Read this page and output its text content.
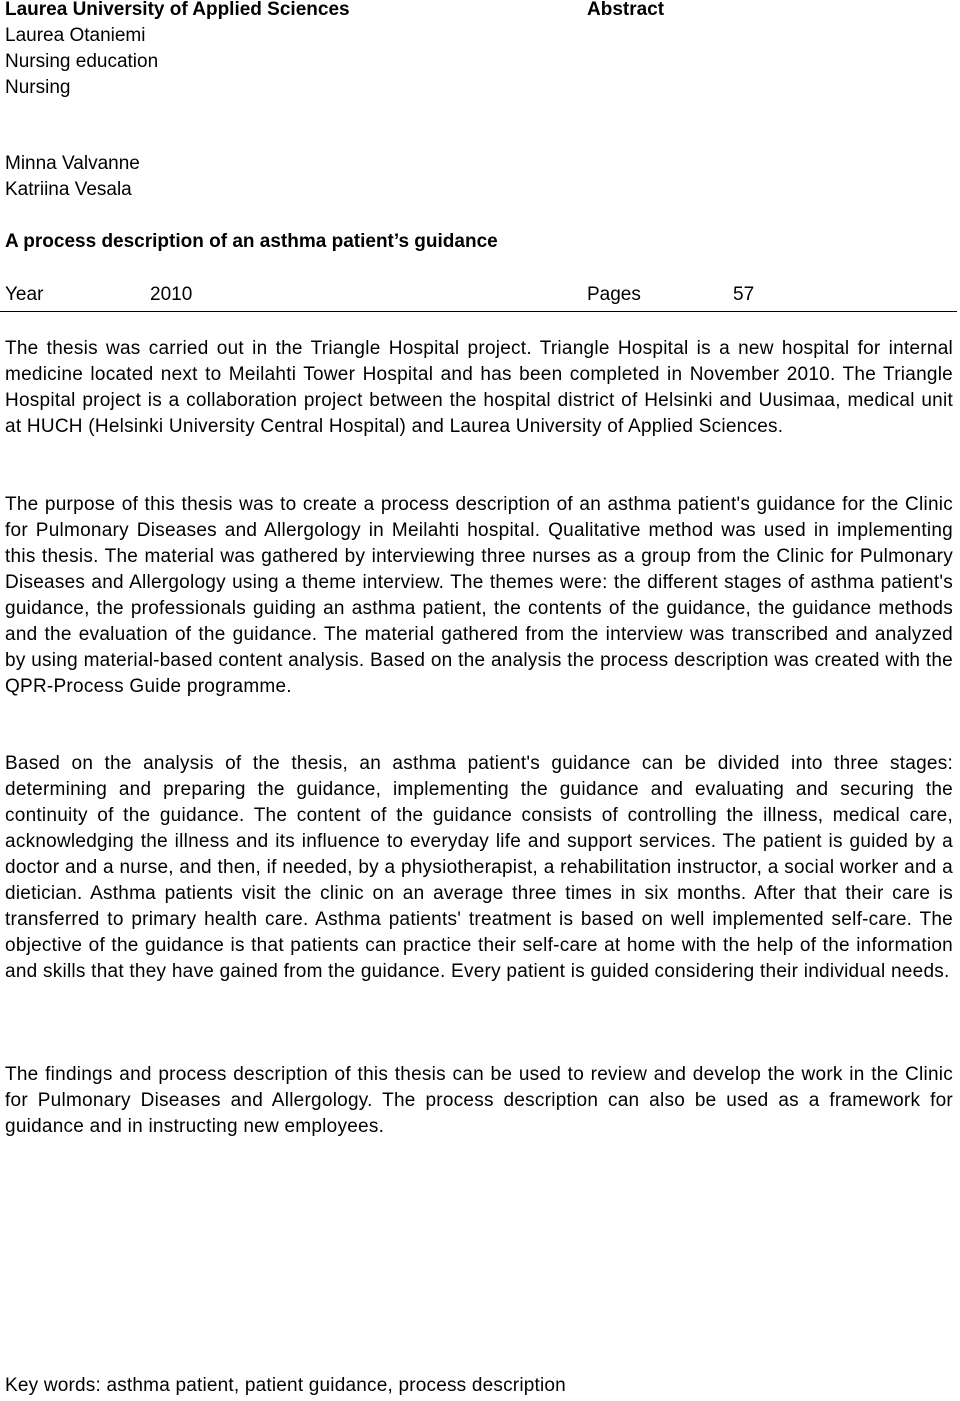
Laurea University of Applied Sciences
Laurea Otaniemi
Nursing education
Nursing
Abstract
Minna Valvanne
Katriina Vesala
A process description of an asthma patient’s guidance
Year	2010	Pages	57

The thesis was carried out in the Triangle Hospital project. Triangle Hospital is a new hospital for internal medicine located next to Meilahti Tower Hospital and has been completed in November 2010. The Triangle Hospital project is a collaboration project between the hospital district of Helsinki and Uusimaa, medical unit at HUCH (Helsinki University Central Hospital) and Laurea University of Applied Sciences.

The purpose of this thesis was to create a process description of an asthma patient's guidance for the Clinic for Pulmonary Diseases and Allergology in Meilahti hospital. Qualitative method was used in implementing this thesis. The material was gathered by interviewing three nurses as a group from the Clinic for Pulmonary Diseases and Allergology using a theme interview. The themes were: the different stages of asthma patient's guidance, the professionals guiding an asthma patient, the contents of the guidance, the guidance methods and the evaluation of the guidance. The material gathered from the interview was transcribed and analyzed by using material-based content analysis. Based on the analysis the process description was created with the QPR-Process Guide programme.

Based on the analysis of the thesis, an asthma patient's guidance can be divided into three stages: determining and preparing the guidance, implementing the guidance and evaluating and securing the continuity of the guidance. The content of the guidance consists of controlling the illness, medical care, acknowledging the illness and its influence to everyday life and support services. The patient is guided by a doctor and a nurse, and then, if needed, by a physiotherapist, a rehabilitation instructor, a social worker and a dietician. Asthma patients visit the clinic on an average three times in six months. After that their care is transferred to primary health care. Asthma patients' treatment is based on well implemented self-care. The objective of the guidance is that patients can practice their self-care at home with the help of the information and skills that they have gained from the guidance. Every patient is guided considering their individual needs.

The findings and process description of this thesis can be used to review and develop the work in the Clinic for Pulmonary Diseases and Allergology. The process description can also be used as a framework for guidance and in instructing new employees.

Key words: asthma patient, patient guidance, process description
